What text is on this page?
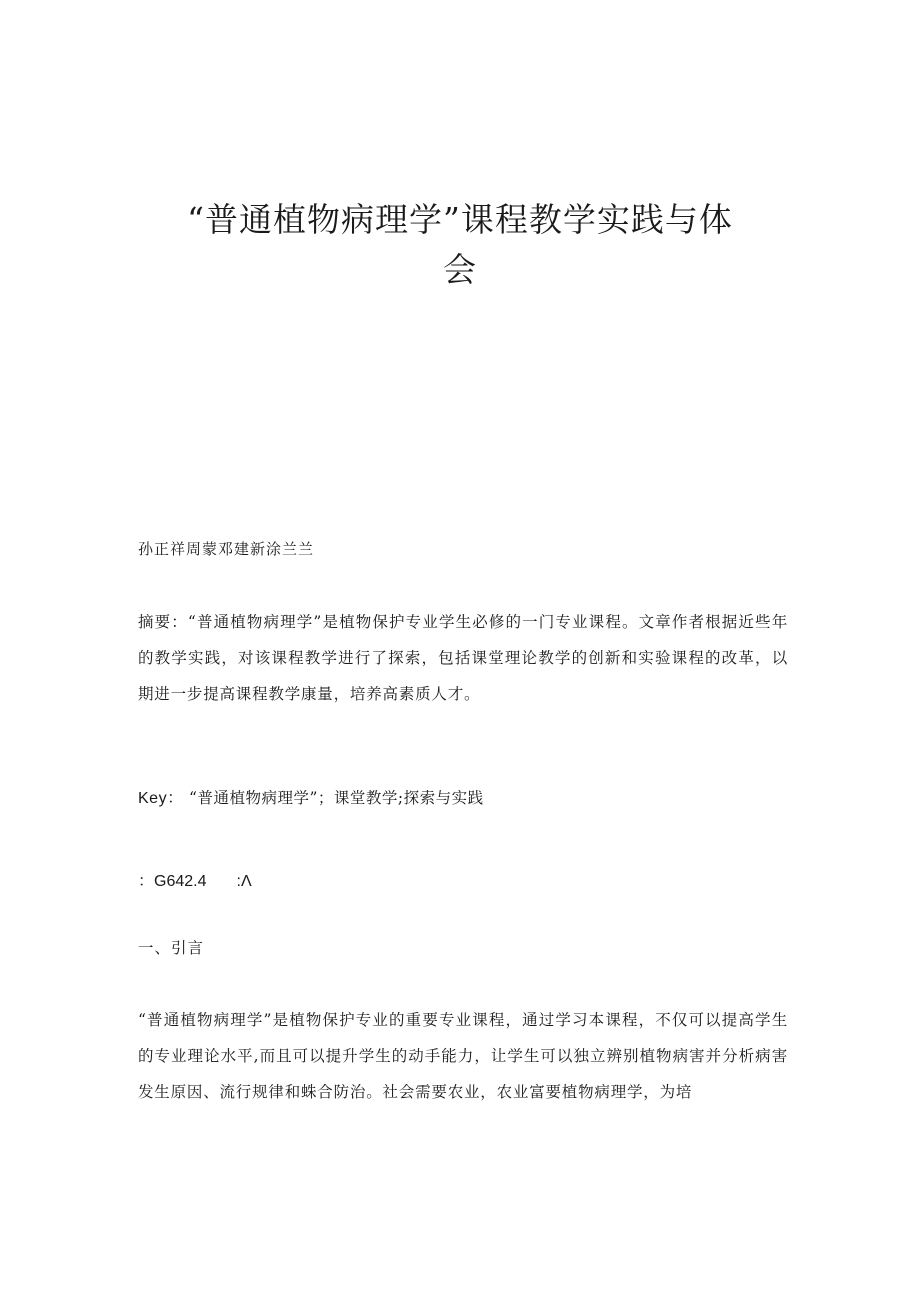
“普通植物病理学”课程教学实践与体
会
孙正祥周蒙邓建新涂兰兰

摘要：“普通植物病理学”是植物保护专业学生必修的一门专业课程。文章作者根据近些年的教学实践，对该课程教学进行了探索，包括课堂理论教学的创新和实验课程的改革，以期进一步提高课程教学康量，培养高素质人才。

Key： “普通植物病理学”；课堂教学;探索与实践
：G642.4 :Λ
一、引言

“普通植物病理学”是植物保护专业的重要专业课程，通过学习本课程，不仅可以提高学生的专业理论水平,而且可以提升学生的动手能力，让学生可以独立辨别植物病害并分析病害发生原因、流行规律和蛛合防治。社会需要农业，农业富要植物病理学，为培
